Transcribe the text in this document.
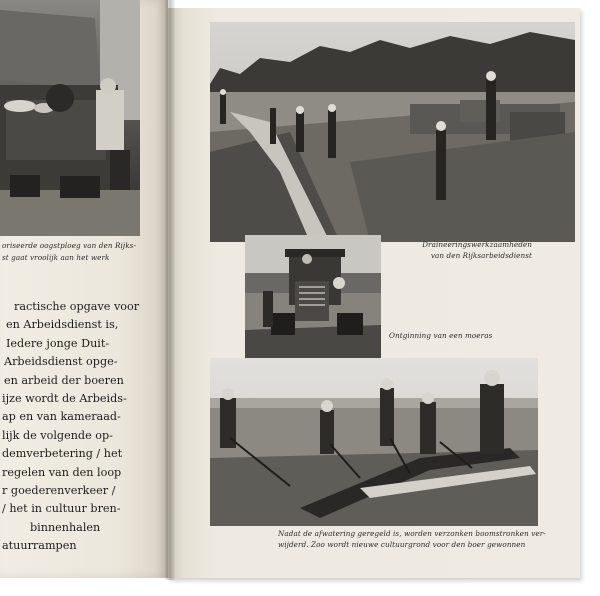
oriseerde oogstploeg van den Rijks-
st gaat vroolijk aan het werk
ractische opgave voor
en Arbeidsdienst is,
Iedere jonge Duit-
Arbeidsdienst opge-
en arbeid der boeren
ijze wordt de Arbeids-
ap en van kameraad-
lijk de volgende op-
demverbetering / het
regelen van den loop
r goederenverkeer /
/ het in cultuur bren-
binnenhalen
atuurrampen
Draineeringswerkzaamheden
van den Rijksarbeidsdienst
Ontginning van een moeras
Nadat de afwatering geregeld is, worden verzonken boomstronken ver-
wijderd. Zoo wordt nieuwe cultuurgrond voor den boer gewonnen
